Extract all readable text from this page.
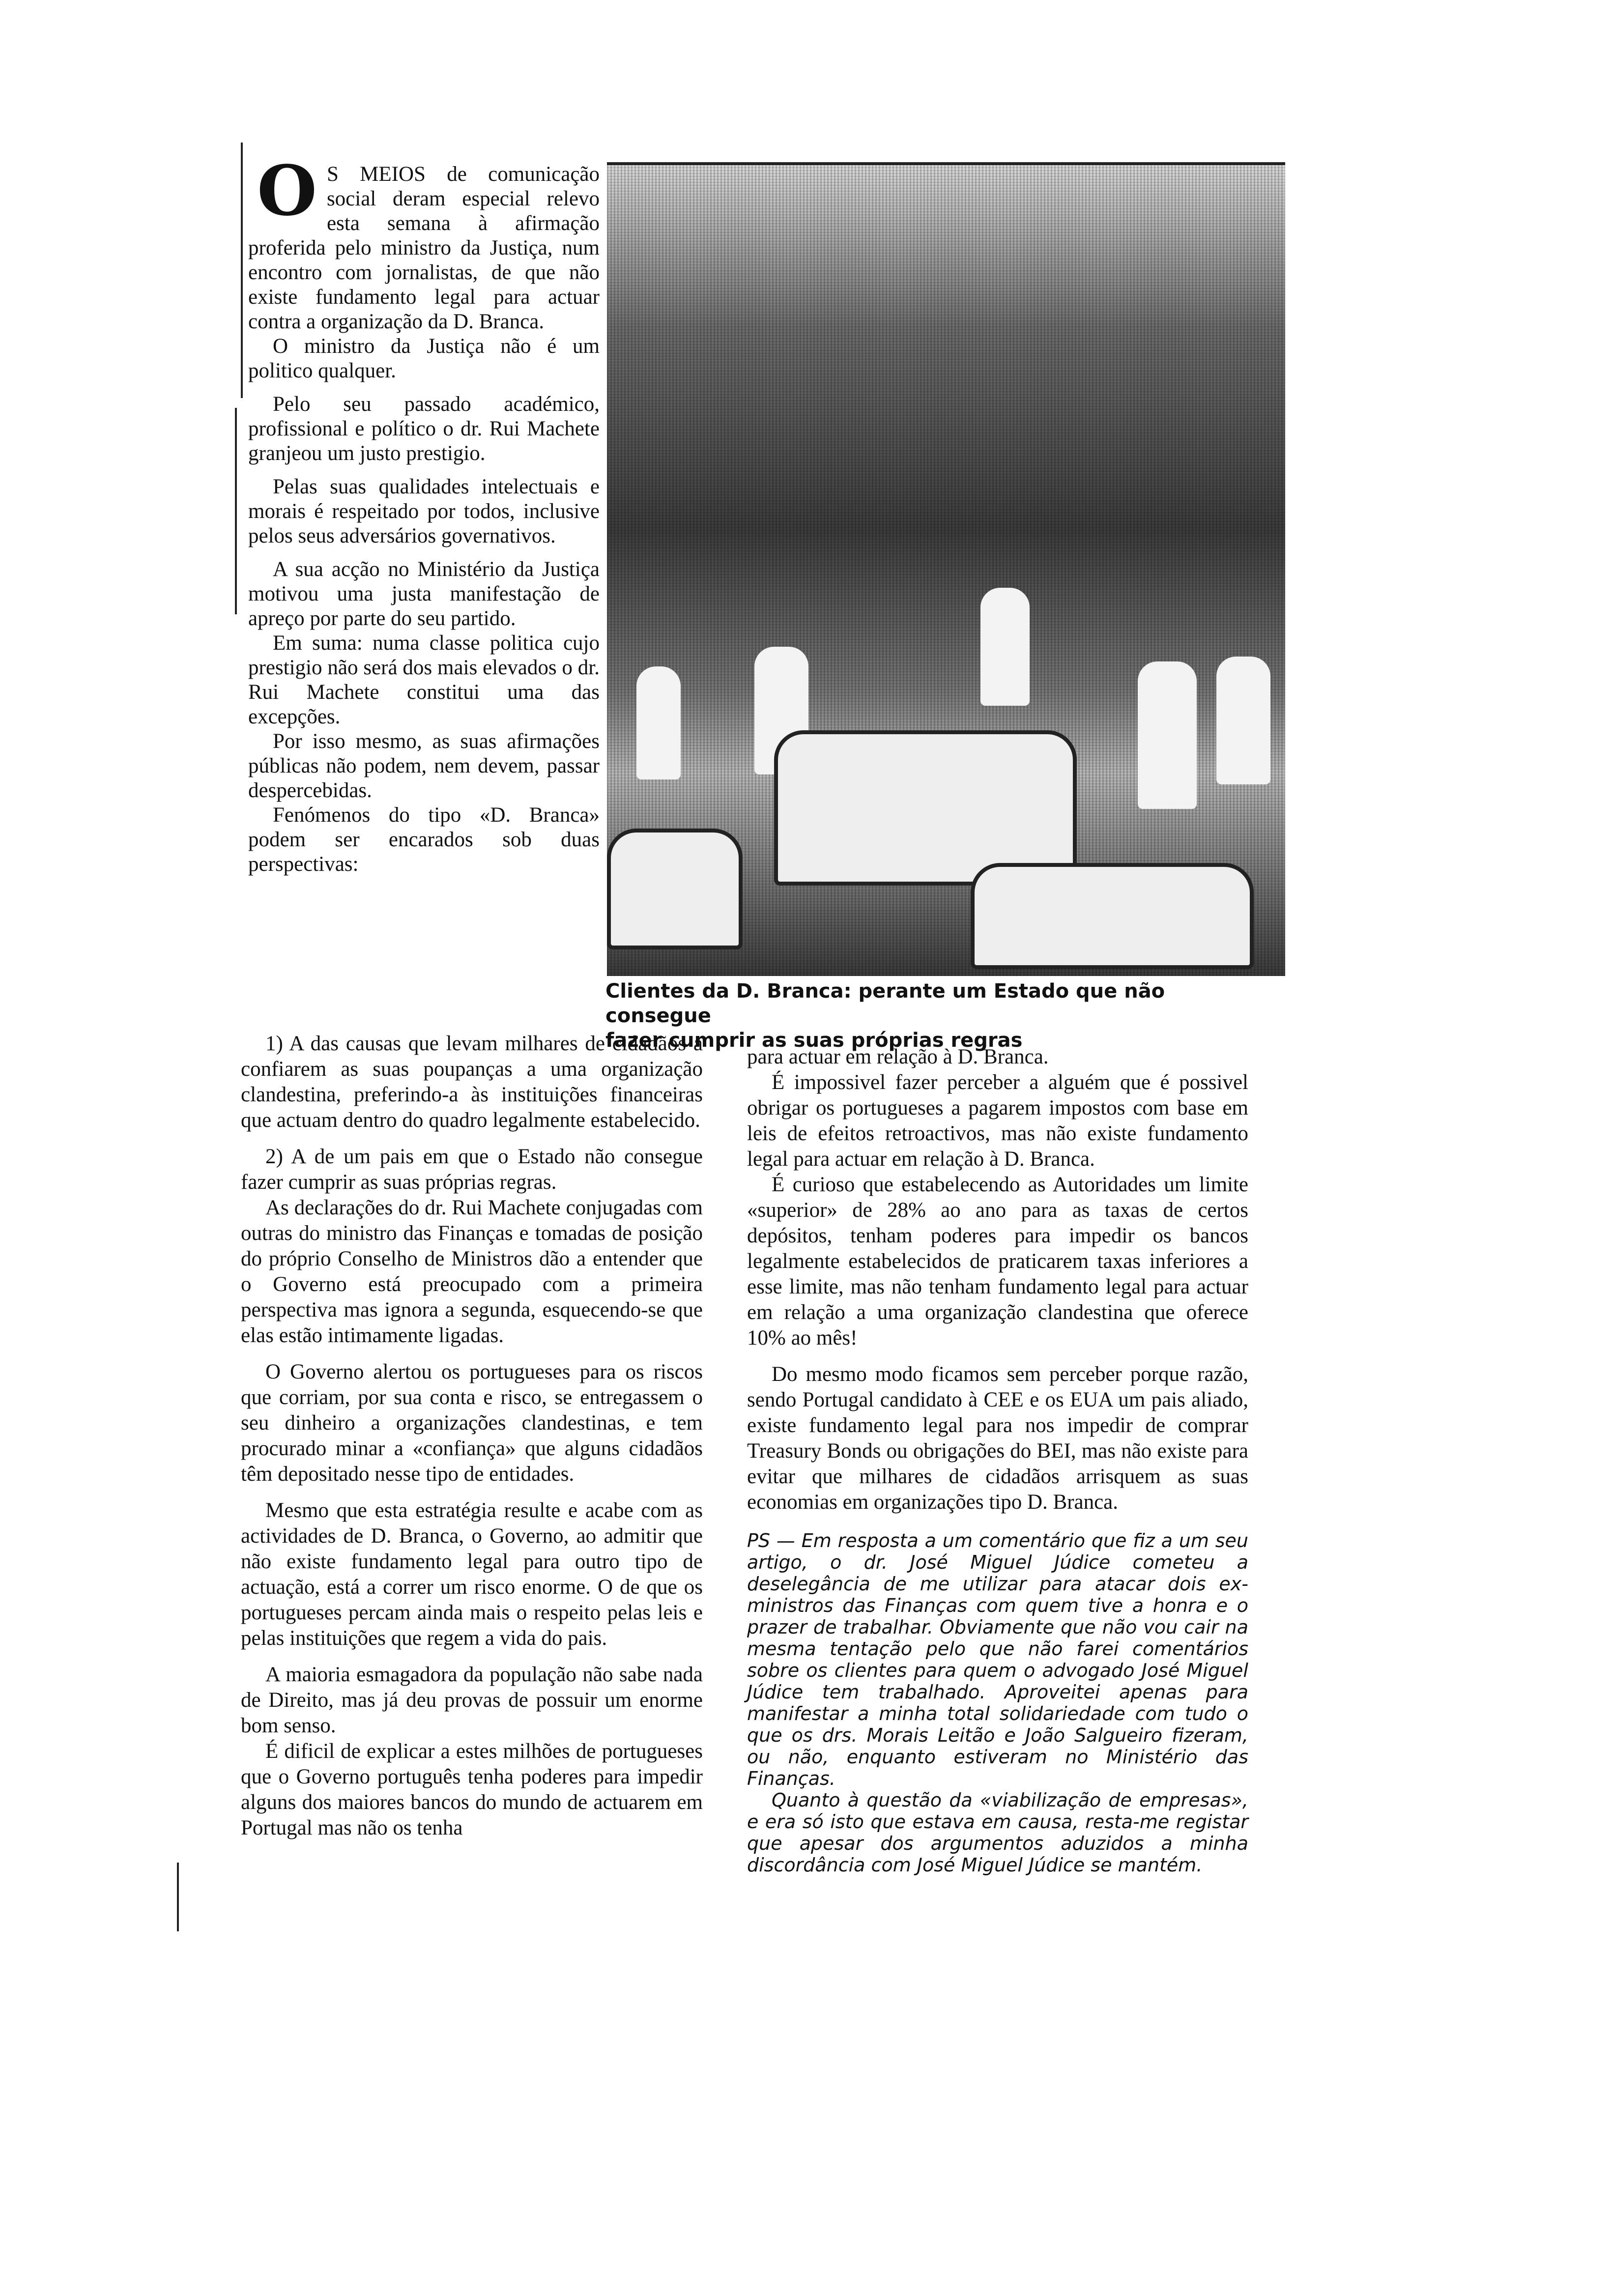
O S MEIOS de comunicação social deram especial relevo esta semana à afirmação proferida pelo ministro da Justiça, num encontro com jornalistas, de que não existe fundamento legal para actuar contra a organização da D. Branca.

O ministro da Justiça não é um politico qualquer.

Pelo seu passado académico, profissional e político o dr. Rui Machete granjeou um justo prestigio.

Pelas suas qualidades intelectuais e morais é respeitado por todos, inclusive pelos seus adversários governativos.

A sua acção no Ministério da Justiça motivou uma justa manifestação de apreço por parte do seu partido.

Em suma: numa classe politica cujo prestigio não será dos mais elevados o dr. Rui Machete constitui uma das excepções.

Por isso mesmo, as suas afirmações públicas não podem, nem devem, passar despercebidas.

Fenómenos do tipo «D. Branca» podem ser encarados sob duas perspectivas:

Clientes da D. Branca: perante um Estado que não consegue
fazer cumprir as suas próprias regras

1) A das causas que levam milhares de cidadãos a confiarem as suas poupanças a uma organização clandestina, preferindo-a às instituições financeiras que actuam dentro do quadro legalmente estabelecido.

2) A de um pais em que o Estado não consegue fazer cumprir as suas próprias regras.

As declarações do dr. Rui Machete conjugadas com outras do ministro das Finanças e tomadas de posição do próprio Conselho de Ministros dão a entender que o Governo está preocupado com a primeira perspectiva mas ignora a segunda, esquecendo-se que elas estão intimamente ligadas.

O Governo alertou os portugueses para os riscos que corriam, por sua conta e risco, se entregassem o seu dinheiro a organizações clandestinas, e tem procurado minar a «confiança» que alguns cidadãos têm depositado nesse tipo de entidades.

Mesmo que esta estratégia resulte e acabe com as actividades de D. Branca, o Governo, ao admitir que não existe fundamento legal para outro tipo de actuação, está a correr um risco enorme. O de que os portugueses percam ainda mais o respeito pelas leis e pelas instituições que regem a vida do pais.

A maioria esmagadora da população não sabe nada de Direito, mas já deu provas de possuir um enorme bom senso.

É dificil de explicar a estes milhões de portugueses que o Governo português tenha poderes para impedir alguns dos maiores bancos do mundo de actuarem em Portugal mas não os tenha

para actuar em relação à D. Branca.

É impossivel fazer perceber a alguém que é possivel obrigar os portugueses a pagarem impostos com base em leis de efeitos retroactivos, mas não existe fundamento legal para actuar em relação à D. Branca.

É curioso que estabelecendo as Autoridades um limite «superior» de 28% ao ano para as taxas de certos depósitos, tenham poderes para impedir os bancos legalmente estabelecidos de praticarem taxas inferiores a esse limite, mas não tenham fundamento legal para actuar em relação a uma organização clandestina que oferece 10% ao mês!

Do mesmo modo ficamos sem perceber porque razão, sendo Portugal candidato à CEE e os EUA um pais aliado, existe fundamento legal para nos impedir de comprar Treasury Bonds ou obrigações do BEI, mas não existe para evitar que milhares de cidadãos arrisquem as suas economias em organizações tipo D. Branca.

PS — Em resposta a um comentário que fiz a um seu artigo, o dr. José Miguel Júdice cometeu a deselegância de me utilizar para atacar dois ex-ministros das Finanças com quem tive a honra e o prazer de trabalhar. Obviamente que não vou cair na mesma tentação pelo que não farei comentários sobre os clientes para quem o advogado José Miguel Júdice tem trabalhado. Aproveitei apenas para manifestar a minha total solidariedade com tudo o que os drs. Morais Leitão e João Salgueiro fizeram, ou não, enquanto estiveram no Ministério das Finanças.

Quanto à questão da «viabilização de empresas», e era só isto que estava em causa, resta-me registar que apesar dos argumentos aduzidos a minha discordância com José Miguel Júdice se mantém.
